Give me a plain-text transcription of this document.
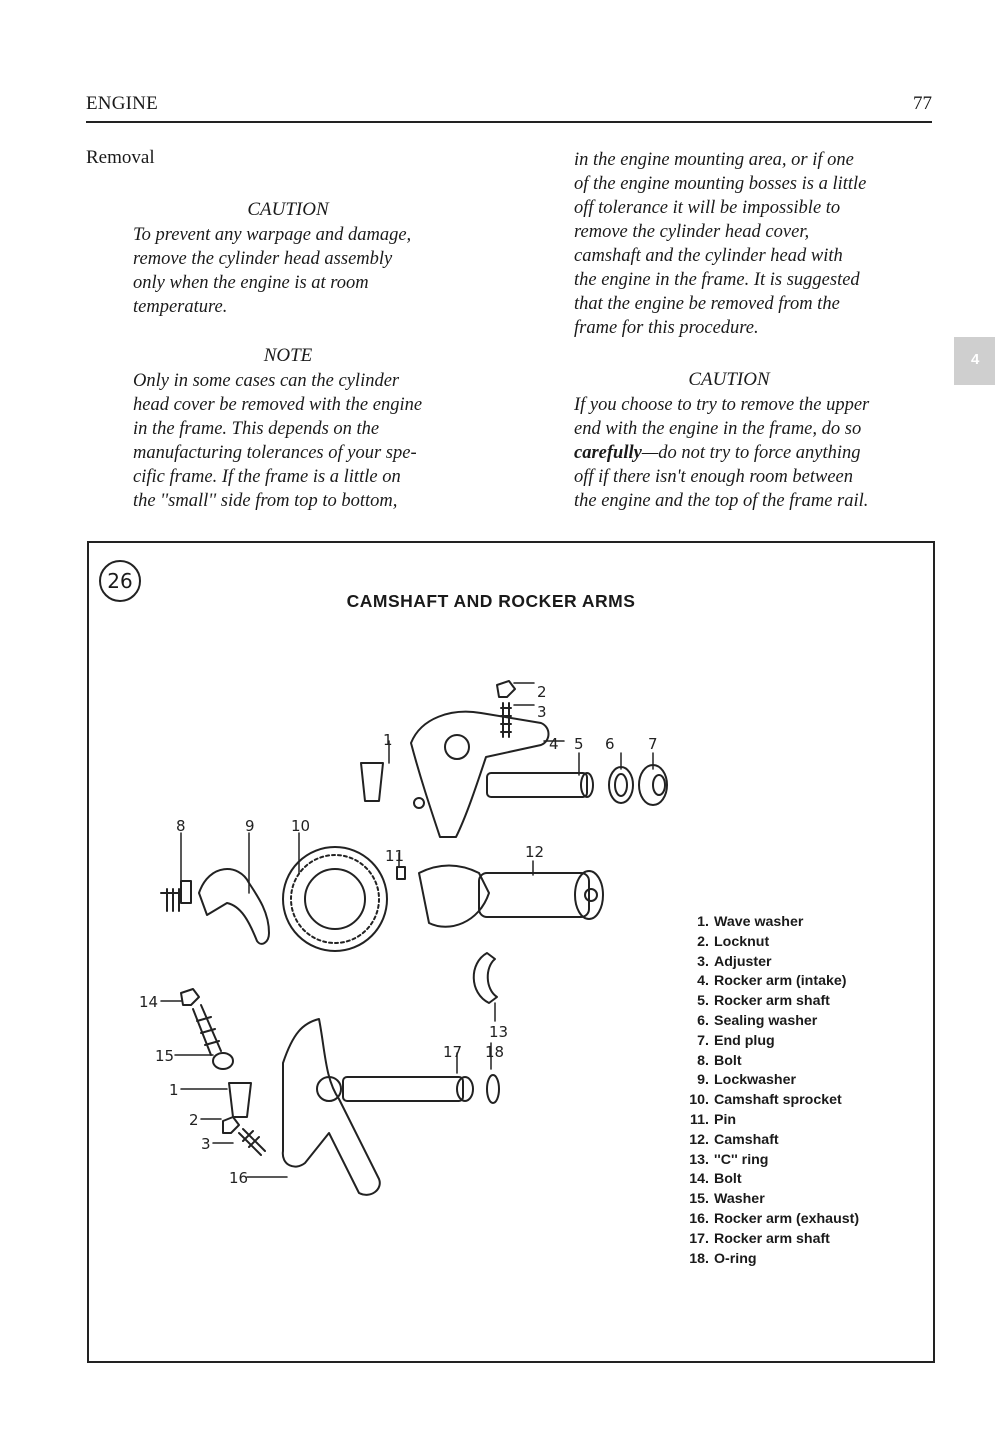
ENGINE	77
Removal
CAUTION
To prevent any warpage and damage,
remove the cylinder head assembly
only when the engine is at room
temperature.
NOTE
Only in some cases can the cylinder
head cover be removed with the engine
in the frame. This depends on the
manufacturing tolerances of your spe-
cific frame. If the frame is a little on
the ''small'' side from top to bottom,
in the engine mounting area, or if one
of the engine mounting bosses is a little
off tolerance it will be impossible to
remove the cylinder head cover,
camshaft and the cylinder head with
the engine in the frame. It is suggested
that the engine be removed from the
frame for this procedure.
CAUTION
If you choose to try to remove the upper
end with the engine in the frame, do so
carefully—do not try to force anything
off if there isn't enough room between
the engine and the top of the frame rail.
4
26
CAMSHAFT AND ROCKER ARMS
1
2
3
4 5 6 7
8	9 10
11	12
13
14
15
1
2
3
16
17 18
1. Wave washer
2. Locknut
3. Adjuster
4. Rocker arm (intake)
5. Rocker arm shaft
6. Sealing washer
7. End plug
8. Bolt
9. Lockwasher
10. Camshaft sprocket
11. Pin
12. Camshaft
13. ''C'' ring
14. Bolt
15. Washer
16. Rocker arm (exhaust)
17. Rocker arm shaft
18. O-ring
